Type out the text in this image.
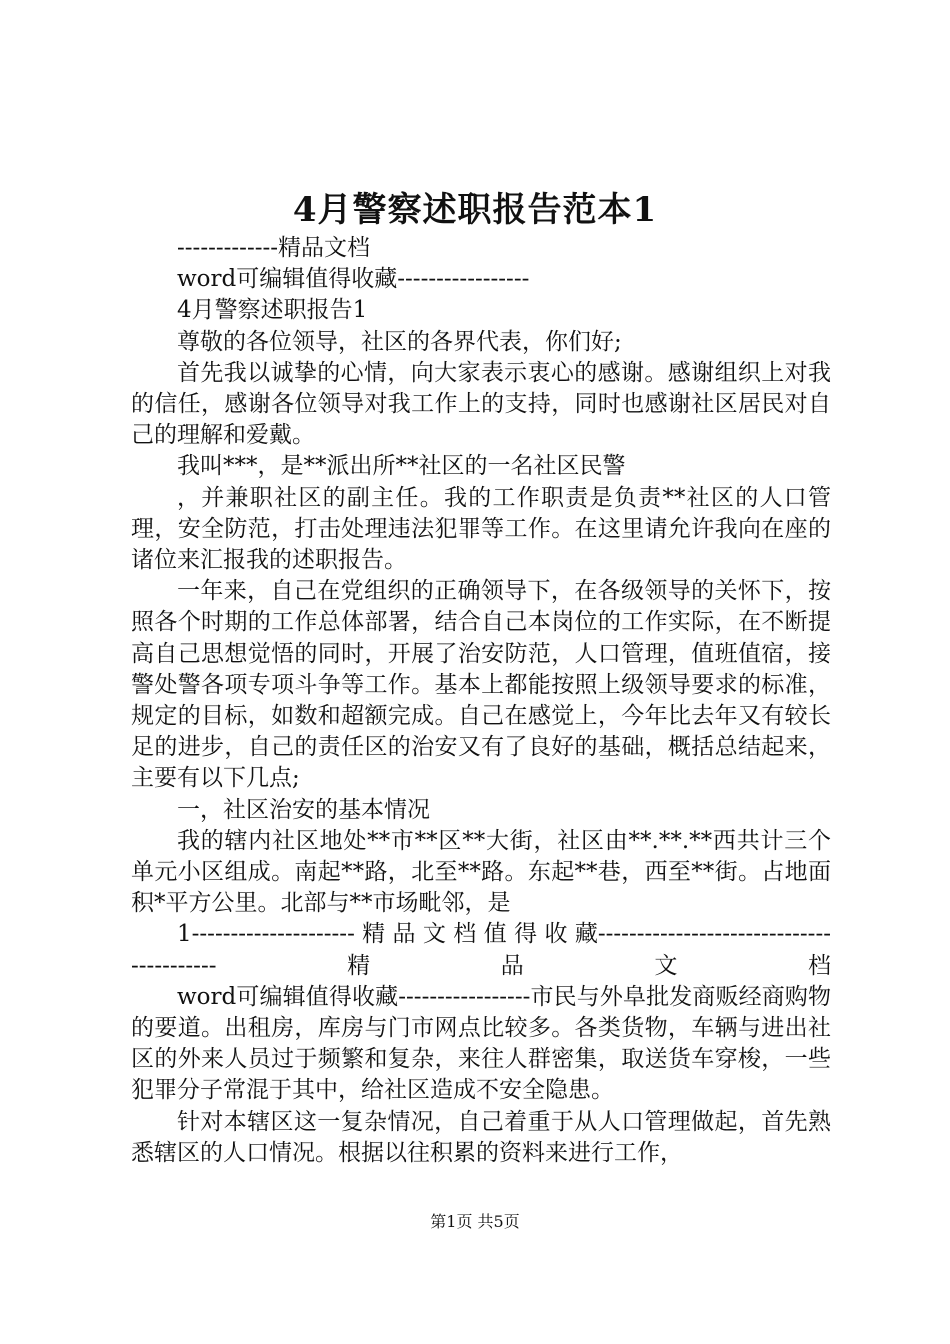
4月警察述职报告范本1

-------------精品文档

word可编辑值得收藏-----------------

4月警察述职报告1

尊敬的各位领导，社区的各界代表，你们好;

首先我以诚挚的心情，向大家表示衷心的感谢。感谢组织上对我的信任，感谢各位领导对我工作上的支持，同时也感谢社区居民对自己的理解和爱戴。

我叫***，是**派出所**社区的一名社区民警

，并兼职社区的副主任。我的工作职责是负责**社区的人口管理，安全防范，打击处理违法犯罪等工作。在这里请允许我向在座的诸位来汇报我的述职报告。

一年来，自己在党组织的正确领导下，在各级领导的关怀下，按照各个时期的工作总体部署，结合自己本岗位的工作实际，在不断提高自己思想觉悟的同时，开展了治安防范，人口管理，值班值宿，接警处警各项专项斗争等工作。基本上都能按照上级领导要求的标准，规定的目标，如数和超额完成。自己在感觉上，今年比去年又有较长足的进步，自己的责任区的治安又有了良好的基础，概括总结起来，主要有以下几点;

一，社区治安的基本情况

我的辖内社区地处**市**区**大街，社区由**.**.**西共计三个单元小区组成。南起**路，北至**路。东起**巷，西至**街。占地面积*平方公里。北部与**市场毗邻，是

1--------------------- 精 品 文 档 值 得 收 藏-----------------------------------------精品文档

word可编辑值得收藏-----------------市民与外阜批发商贩经商购物的要道。出租房，库房与门市网点比较多。各类货物，车辆与进出社区的外来人员过于频繁和复杂，来往人群密集，取送货车穿梭，一些犯罪分子常混于其中，给社区造成不安全隐患。

针对本辖区这一复杂情况，自己着重于从人口管理做起，首先熟悉辖区的人口情况。根据以往积累的资料来进行工作，

第1页 共5页
